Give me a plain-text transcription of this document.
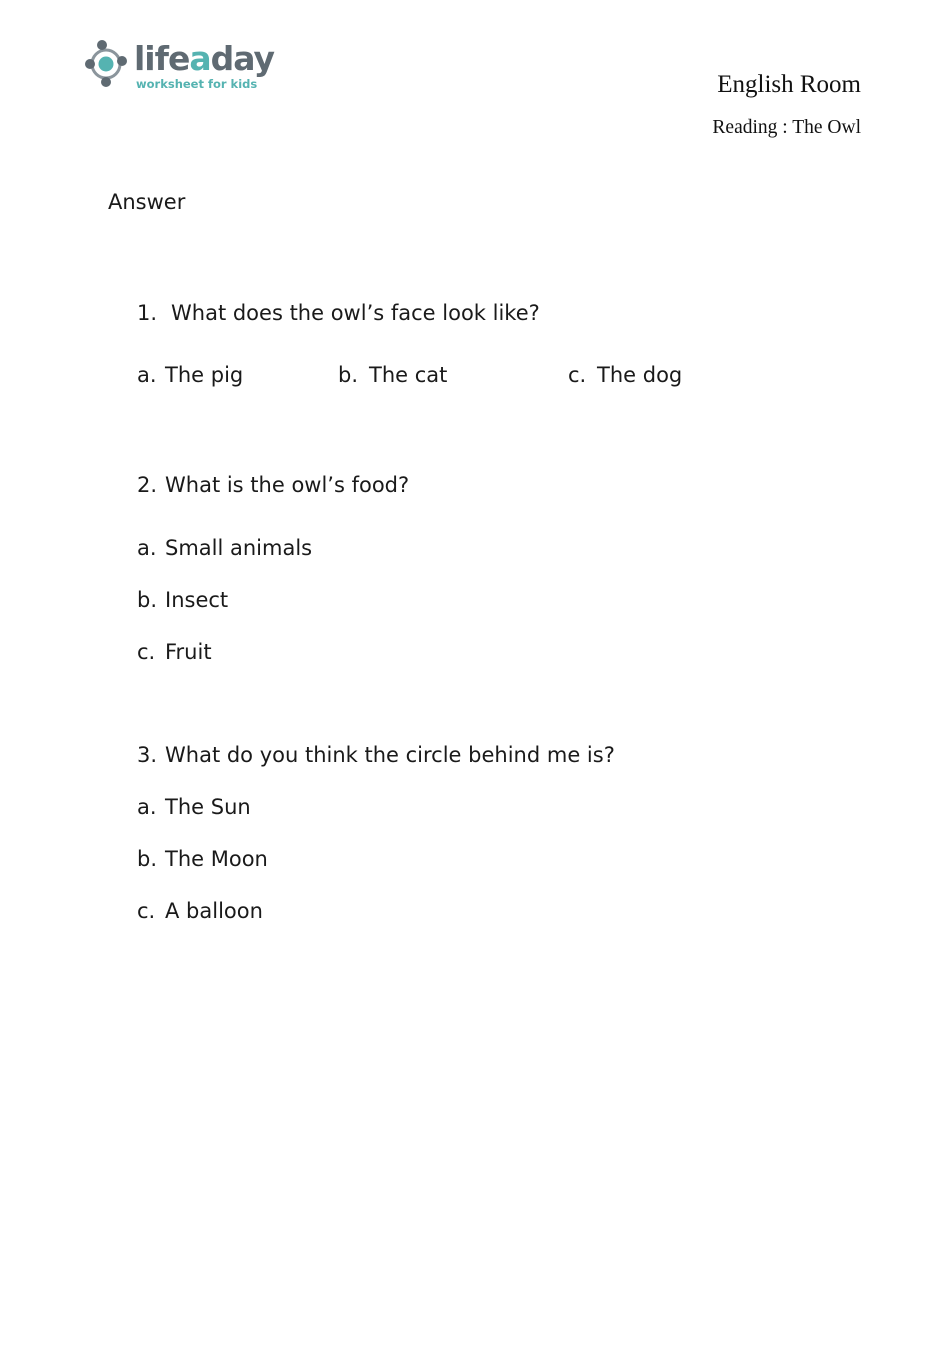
lifeaday
worksheet for kids	English Room
Reading : The Owl
Answer
1. What does the owl’s face look like?
a. The pig	b. The cat	c. The dog
2. What is the owl’s food?
a. Small animals
b. Insect
c. Fruit
3. What do you think the circle behind me is?
a. The Sun
b. The Moon
c. A balloon
